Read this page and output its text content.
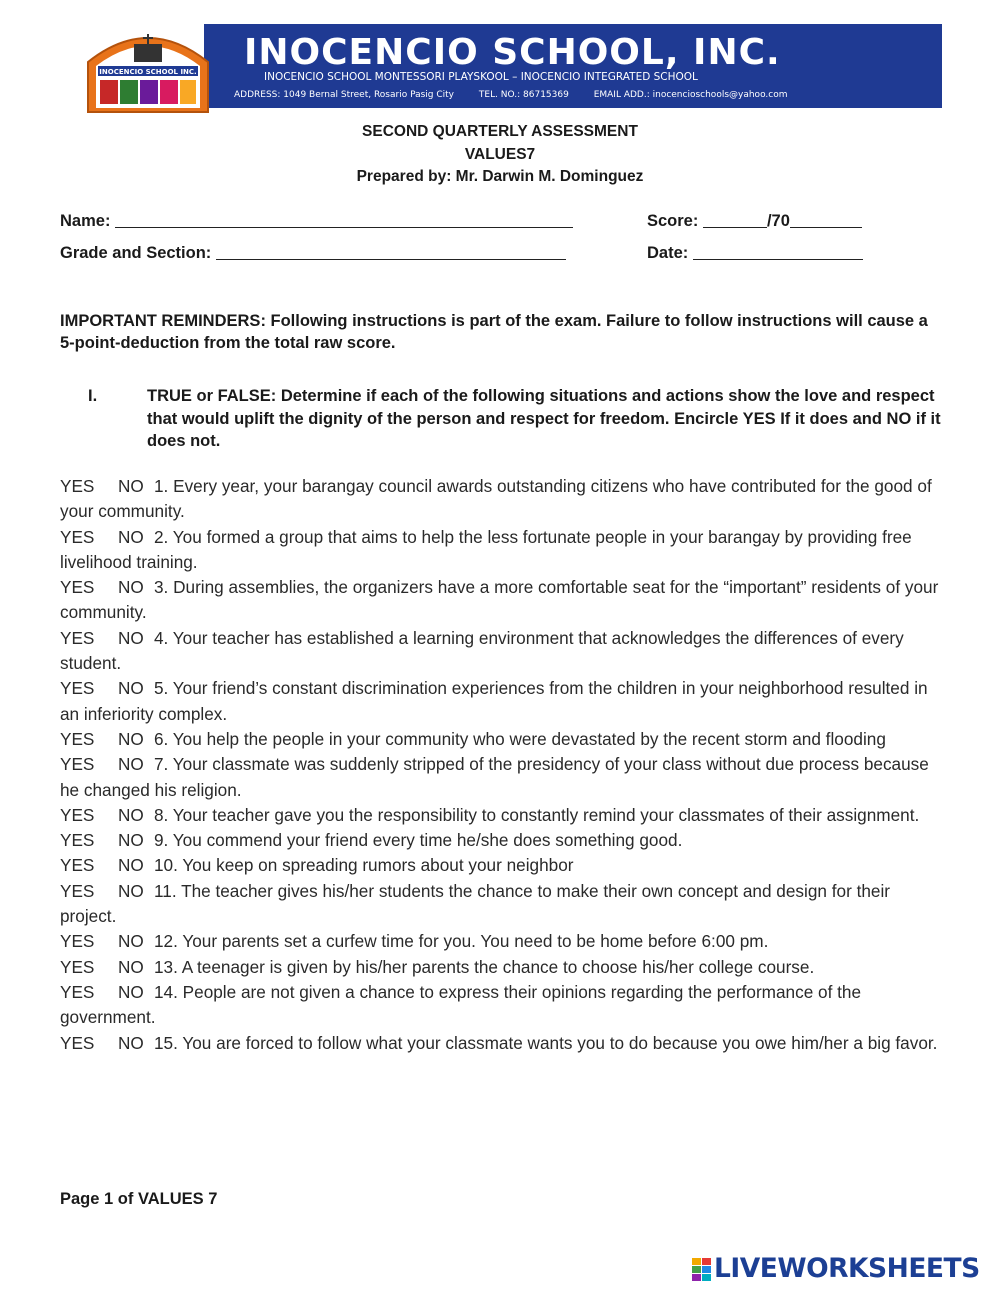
INOCENCIO SCHOOL, INC.
INOCENCIO SCHOOL MONTESSORI PLAYSKOOL – INOCENCIO INTEGRATED SCHOOL
ADDRESS: 1049 Bernal Street, Rosario Pasig City	TEL. NO.: 86715369	EMAIL ADD.: inocencioschools@yahoo.com
INOCENCIO SCHOOL INC.
SECOND QUARTERLY ASSESSMENT
VALUES7
Prepared by: Mr. Darwin M. Dominguez
Name:	Score:	/70
Grade and Section:	Date:
IMPORTANT REMINDERS: Following instructions is part of the exam. Failure to follow instructions will cause a 5-point-deduction from the total raw score.
I.	TRUE or FALSE: Determine if each of the following situations and actions show the love and respect that would uplift the dignity of the person and respect for freedom. Encircle YES If it does and NO if it does not.
YES NO 1. Every year, your barangay council awards outstanding citizens who have contributed for the good of your community.
YES NO 2. You formed a group that aims to help the less fortunate people in your barangay by providing free livelihood training.
YES NO 3. During assemblies, the organizers have a more comfortable seat for the “important” residents of your community.
YES NO 4. Your teacher has established a learning environment that acknowledges the differences of every student.
YES NO 5. Your friend’s constant discrimination experiences from the children in your neighborhood resulted in an inferiority complex.
YES NO 6. You help the people in your community who were devastated by the recent storm and flooding
YES NO 7. Your classmate was suddenly stripped of the presidency of your class without due process because he changed his religion.
YES NO 8. Your teacher gave you the responsibility to constantly remind your classmates of their assignment.
YES NO 9. You commend your friend every time he/she does something good.
YES NO 10. You keep on spreading rumors about your neighbor
YES NO 11. The teacher gives his/her students the chance to make their own concept and design for their project.
YES NO 12. Your parents set a curfew time for you. You need to be home before 6:00 pm.
YES NO 13. A teenager is given by his/her parents the chance to choose his/her college course.
YES NO 14. People are not given a chance to express their opinions regarding the performance of the government.
YES NO 15. You are forced to follow what your classmate wants you to do because you owe him/her a big favor.
Page 1 of VALUES 7
LIVEWORKSHEETS
